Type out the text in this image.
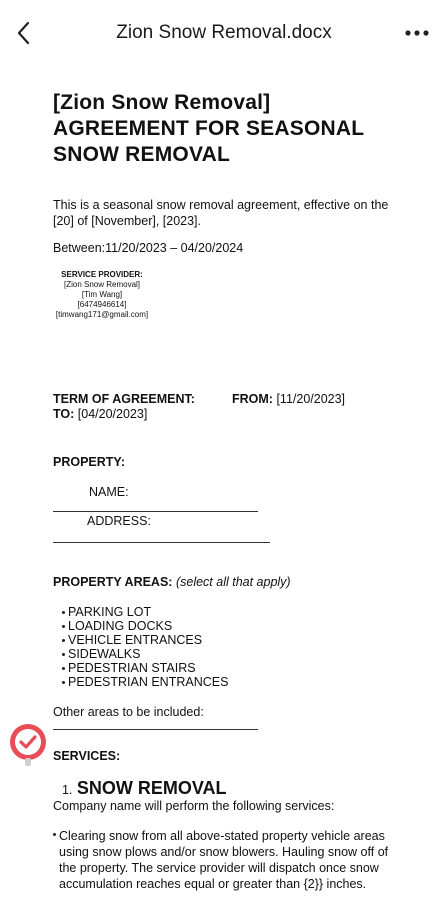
Zion Snow Removal.docx
[Zion Snow Removal]
AGREEMENT FOR SEASONAL
SNOW REMOVAL
This is a seasonal snow removal agreement, effective on the
[20] of [November], [2023].
Between:11/20/2023 – 04/20/2024
SERVICE PROVIDER:
[Zion Snow Removal]
[Tim Wang]
[6474946614]
[timwang171@gmail.com]
TERM OF AGREEMENT:	FROM: [11/20/2023]
TO: [04/20/2023]
PROPERTY:
NAME:
ADDRESS:
PROPERTY AREAS: (select all that apply)
PARKING LOT
LOADING DOCKS
VEHICLE ENTRANCES
SIDEWALKS
PEDESTRIAN STAIRS
PEDESTRIAN ENTRANCES
Other areas to be included:
SERVICES:
1. SNOW REMOVAL
Company name will perform the following services:
Clearing snow from all above-stated property vehicle areas
using snow plows and/or snow blowers. Hauling snow off of
the property. The service provider will dispatch once snow
accumulation reaches equal or greater than {2}} inches.
